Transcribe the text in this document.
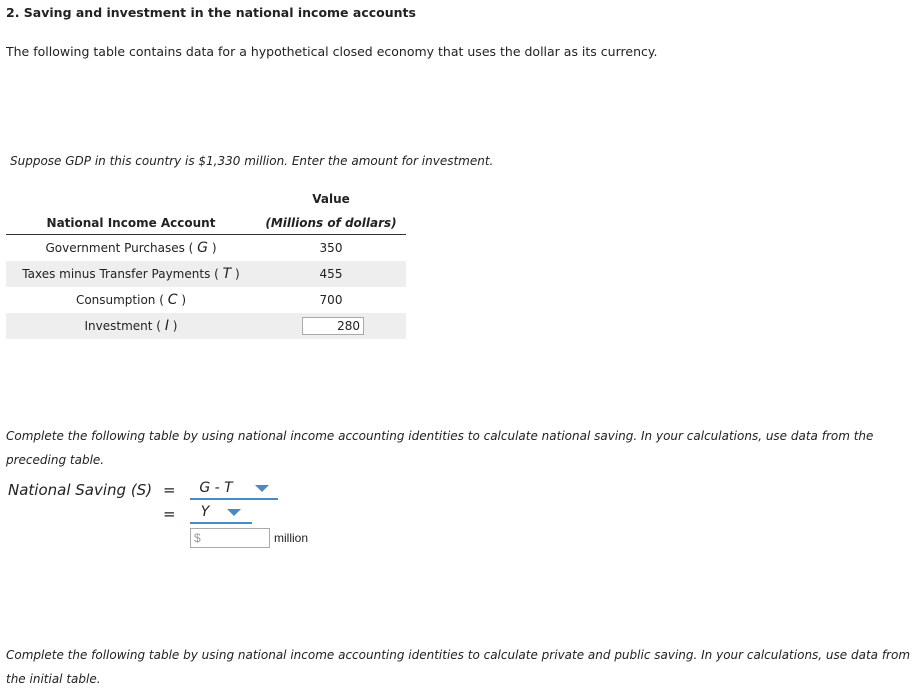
2. Saving and investment in the national income accounts
The following table contains data for a hypothetical closed economy that uses the dollar as its currency.
Suppose GDP in this country is $1,330 million. Enter the amount for investment.
	Value
National Income Account	(Millions of dollars)
Government Purchases ( G )	350
Taxes minus Transfer Payments ( T )	455
Consumption ( C )	700
Investment ( I )	280
Complete the following table by using national income accounting identities to calculate national saving. In your calculations, use data from the preceding table.
National Saving (S) =	G - T
=	Y
$	million
Complete the following table by using national income accounting identities to calculate private and public saving. In your calculations, use data from the initial table.
